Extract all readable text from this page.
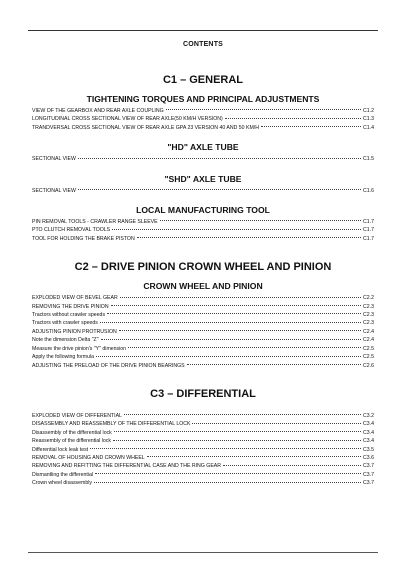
CONTENTS
C1 – GENERAL
TIGHTENING TORQUES AND PRINCIPAL ADJUSTMENTS
VIEW OF THE GEARBOX AND REAR AXLE COUPLING	C1.2
LONGITUDINAL CROSS SECTIONAL VIEW OF REAR AXLE(50 KM/H VERSION)	C1.3
TRANDVERSAL CROSS SECTIONAL VIEW OF REAR AXLE GPA 23 VERSION 40 AND 50 KM/H	C1.4
"HD" AXLE TUBE
SECTIONAL VIEW	C1.5
"SHD" AXLE TUBE
SECTIONAL VIEW	C1.6
LOCAL MANUFACTURING TOOL
PIN REMOVAL TOOLS - CRAWLER RANGE SLEEVE	C1.7
PTO CLUTCH REMOVAL TOOLS	C1.7
TOOL FOR HOLDING THE BRAKE PISTON	C1.7
C2 – DRIVE PINION CROWN WHEEL AND PINION
CROWN WHEEL AND PINION
EXPLODED VIEW OF BEVEL GEAR	C2.2
REMOVING THE DRIVE PINION	C2.3
Tractors without crawler speeds	C2.3
Tractors with crawler speeds	C2.3
ADJUSTING PINION PROTRUSION	C2.4
Note the dimension Delta "Z"	C2.4
Measure the drive pinion's "Y" dimension	C2.5
Apply the following formula	C2.5
ADJUSTING THE PRELOAD OF THE DRIVE PINION BEARINGS	C2.6
C3 – DIFFERENTIAL
EXPLODED VIEW OF DIFFERENTIAL	C3.2
DISASSEMBLY AND REASSEMBLY OF THE DIFFERENTIAL LOCK	C3.4
Disassembly of the differential lock	C3.4
Reassembly of the differential lock	C3.4
Differential lock leak test	C3.5
REMOVAL OF HOUSING AND CROWN WHEEL	C3.6
REMOVING AND REFITTING THE DIFFERENTIAL CASE AND THE RING GEAR	C3.7
Dismantling the differential	C3.7
Crown wheel disassembly	C3.7
